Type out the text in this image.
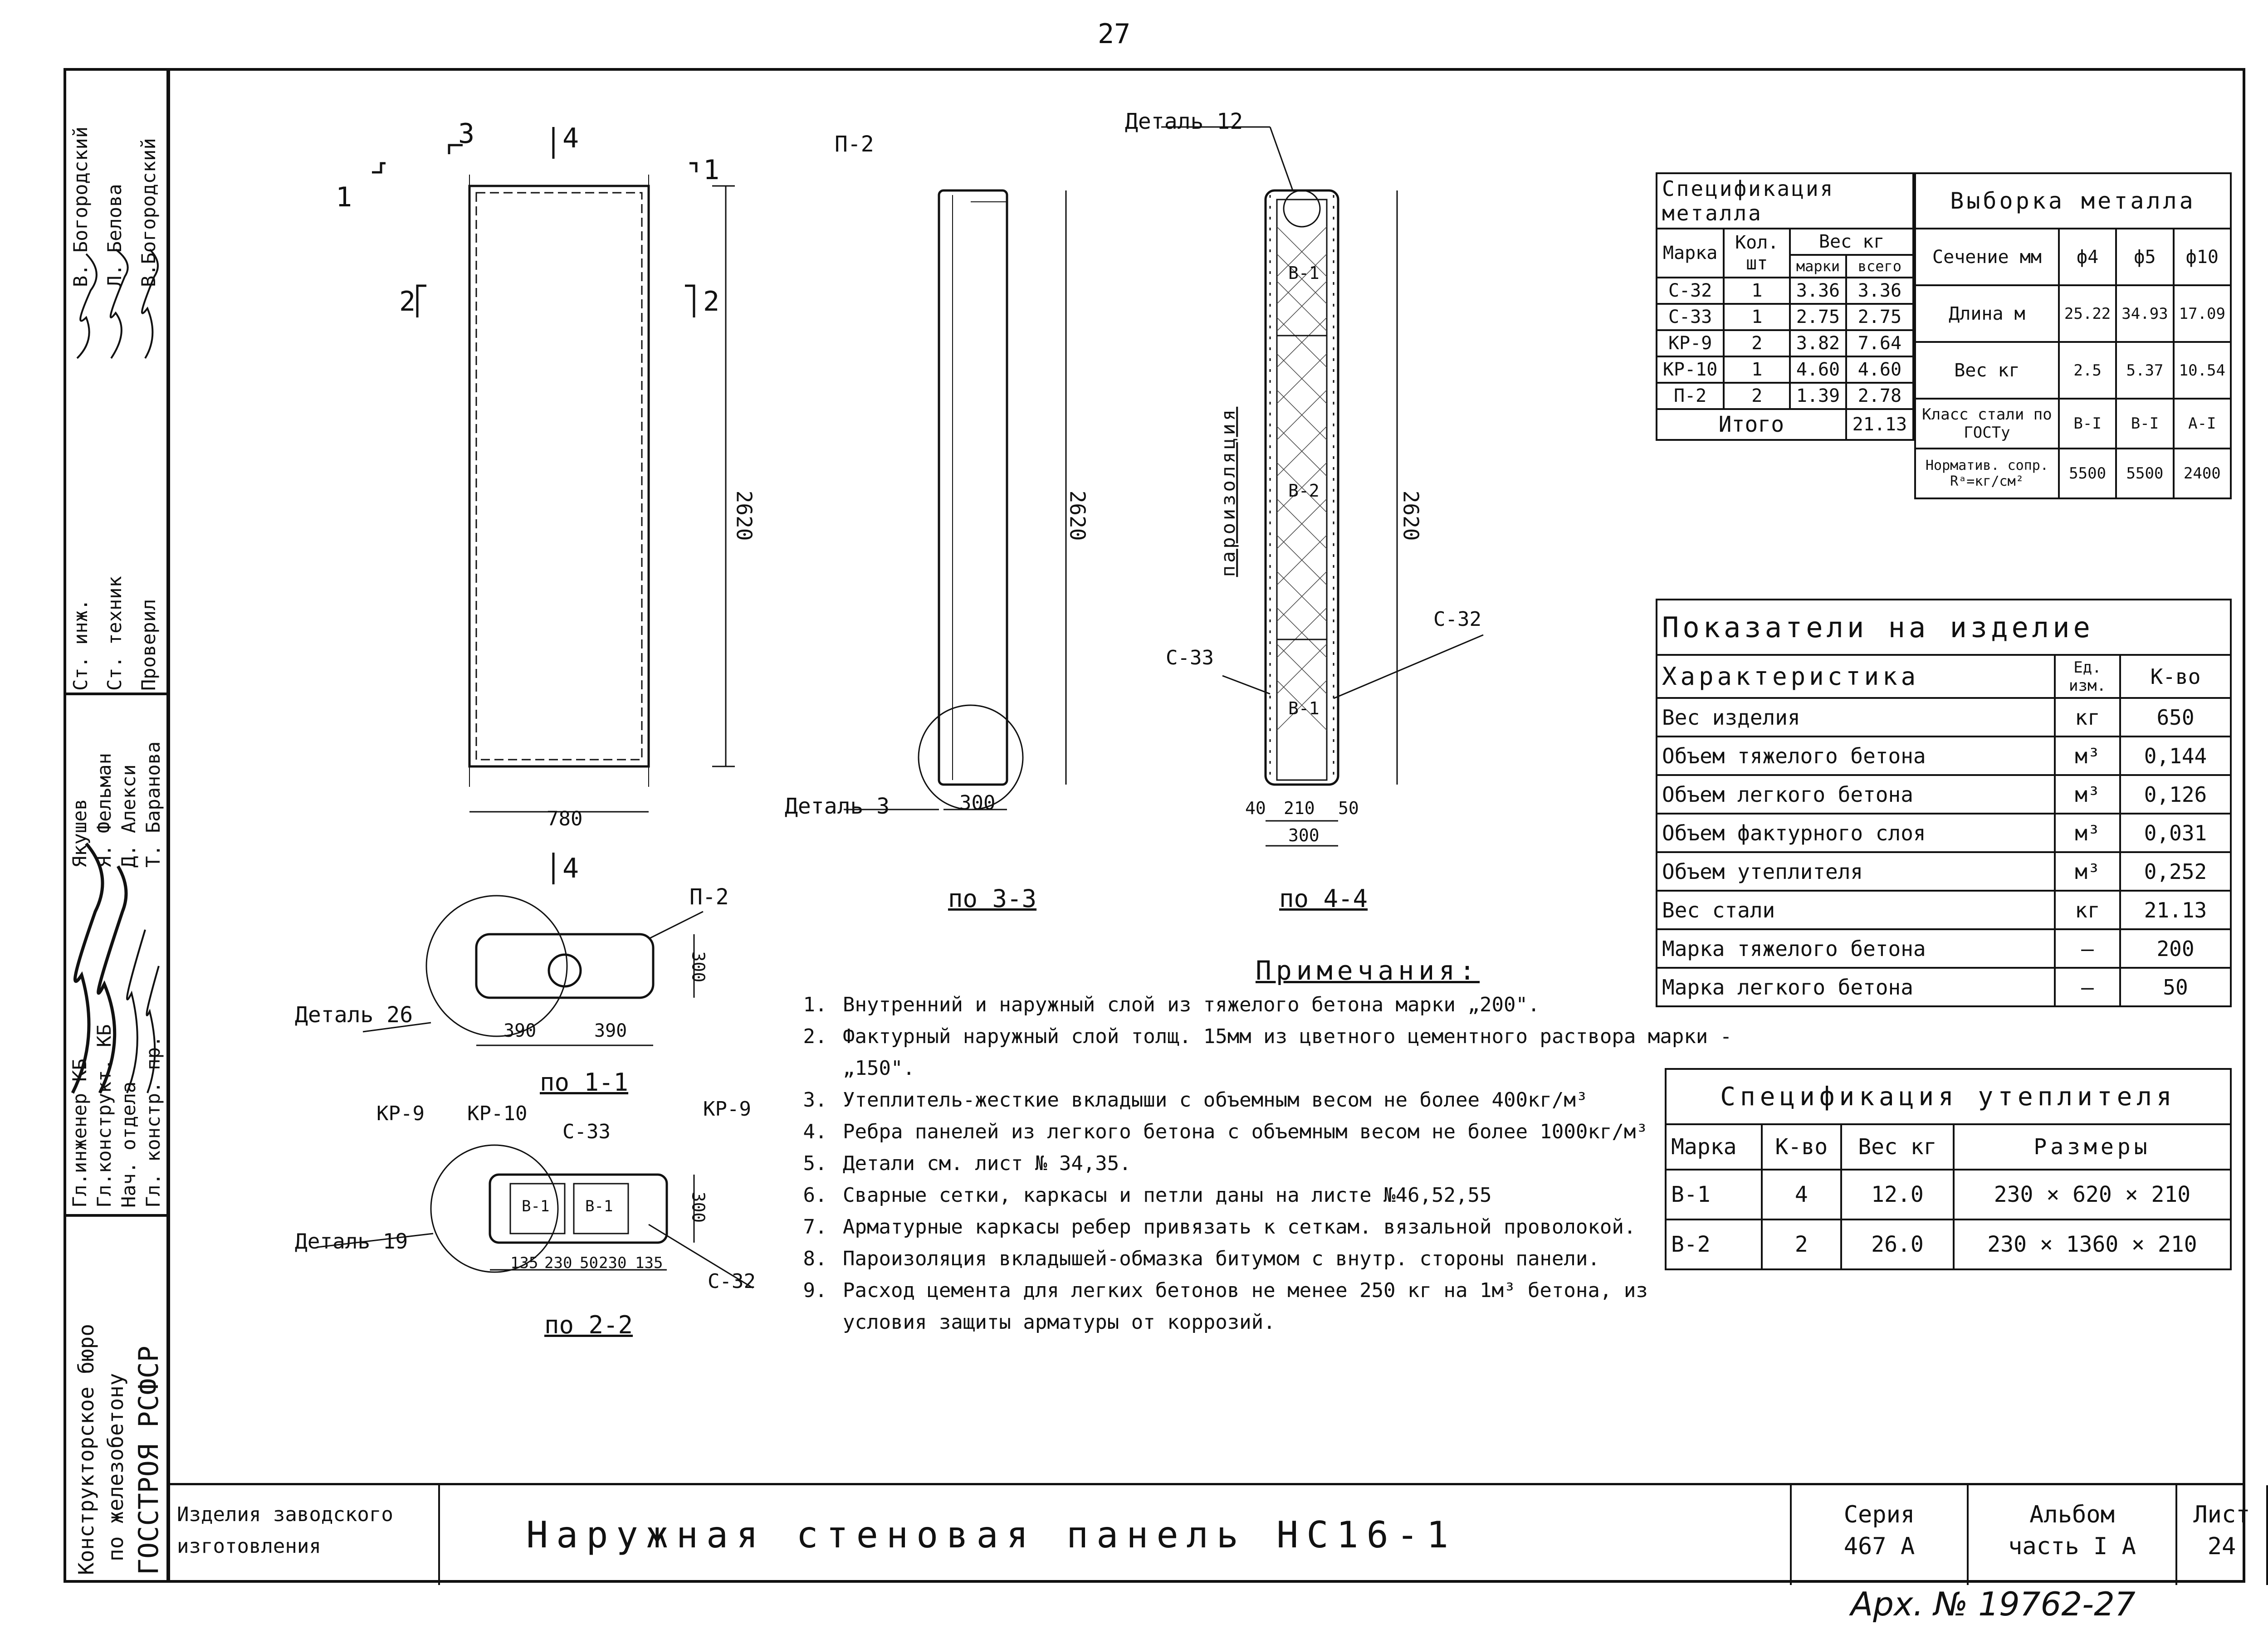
27
Конструкторское бюро по железобетону ГОССТРОЯ РСФСР
Гл.инженер КБ
Якушев
Гл.конструкт. КБ
Я. Фельман
Нач. отдела
Д. Алекси
Гл. констр. пр.
Т. Баранова
Ст. инж.
В. Богородский
Ст. техник
Л. Белова
Проверил
В.Богородский	1
1
2	2
3	4
4
2620
780
П-2
2620
Деталь 3	300
по 3-3
Деталь 12
пароизоляция	2620
В-1
В-2
В-1
С-32
С-33
40 210 50
300
по 4-4
Деталь 26
П-2
390	390
300
по 1-1
Деталь 19
КР-9 КР-10
С-33
КР-9
С-32
В-1 В-1	300
135 230 50 230 135
по 2-2
Спецификация металла			
Марка	Кол. шт	Вес кг	
		марки	всего
С-32	1	3.36	3.36
С-33	1	2.75	2.75
КР-9	2	3.82	7.64
КР-10	1	4.60	4.60
П-2	2	1.39	2.78
Итого			21.13
Выборка металла			
Сечение мм	ф4	ф5	ф10
Длина м	25.22	34.93	17.09
Вес кг	2.5	5.37	10.54
Класс стали по ГОСТу	В-I	В-I	А-I
Норматив. сопр. Rᵃ=кг/см²	5500	5500	2400
Показатели на изделие		
Характеристика	Ед. изм.	К-во
Вес изделия	кг	650
Объем тяжелого бетона	м³	0,144
Объем легкого бетона	м³	0,126
Объем фактурного слоя	м³	0,031
Объем утеплителя	м³	0,252
Вес стали	кг	21.13
Марка тяжелого бетона	—	200
Марка легкого бетона	—	50
Спецификация утеплителя			
Марка	К-во	Вес кг	Размеры
В-1	4	12.0	230 × 620 × 210
В-2	2	26.0	230 × 1360 × 210
Примечания:
1. Внутренний и наружный слой из тяжелого бетона марки „200".
2. Фактурный наружный слой толщ. 15мм из цветного цементного раствора марки - „150".
3. Утеплитель-жесткие вкладыши с объемным весом не более 400кг/м³
4. Ребра панелей из легкого бетона с объемным весом не более 1000кг/м³
5. Детали см. лист № 34,35.
6. Сварные сетки, каркасы и петли даны на листе №46,52,55
7. Арматурные каркасы ребер привязать к сеткам. вязальной проволокой.
8. Пароизоляция вкладышей-обмазка битумом с внутр. стороны панели.
9. Расход цемента для легких бетонов не менее 250 кг на 1м³ бетона, из условия защиты арматуры от коррозий.
Изделия заводского изготовления	Наружная стеновая панель НС16-1	Серия
467 А
Альбом
часть I А
Лист
24
Арх. № 19762-27
